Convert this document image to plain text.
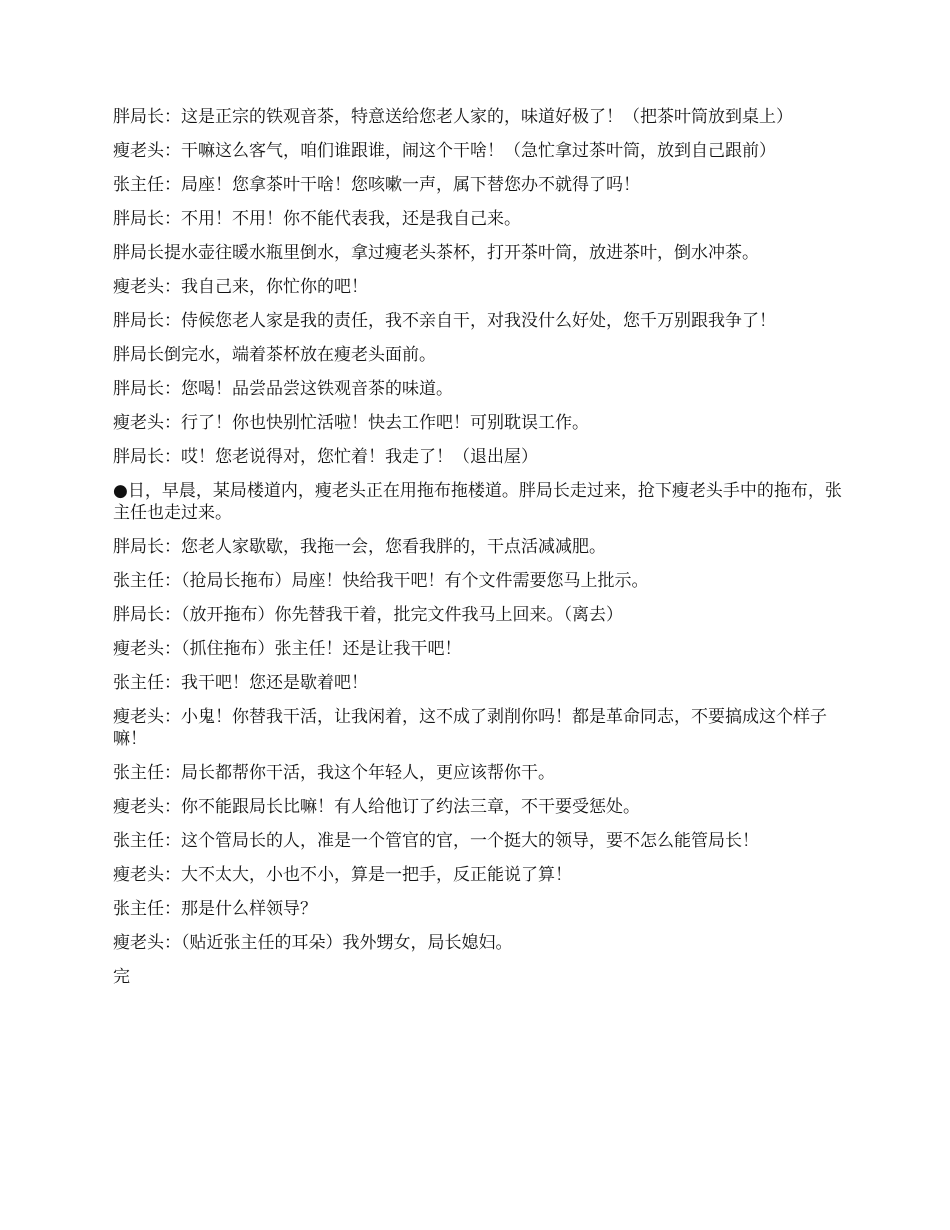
胖局长：这是正宗的铁观音茶，特意送给您老人家的，味道好极了！（把茶叶筒放到桌上）

瘦老头：干嘛这么客气，咱们谁跟谁，闹这个干啥！（急忙拿过茶叶筒，放到自己跟前）

张主任：局座！您拿茶叶干啥！您咳嗽一声，属下替您办不就得了吗！

胖局长：不用！不用！你不能代表我，还是我自己来。

胖局长提水壶往暖水瓶里倒水，拿过瘦老头茶杯，打开茶叶筒，放进茶叶，倒水冲茶。

瘦老头：我自己来，你忙你的吧！

胖局长：侍候您老人家是我的责任，我不亲自干，对我没什么好处，您千万别跟我争了！

胖局长倒完水，端着茶杯放在瘦老头面前。

胖局长：您喝！品尝品尝这铁观音茶的味道。

瘦老头：行了！你也快别忙活啦！快去工作吧！可别耽误工作。

胖局长：哎！您老说得对，您忙着！我走了！（退出屋）

●日，早晨，某局楼道内，瘦老头正在用拖布拖楼道。胖局长走过来，抢下瘦老头手中的拖布，张主任也走过来。

胖局长：您老人家歇歇，我拖一会，您看我胖的，干点活减减肥。

张主任：（抢局长拖布）局座！快给我干吧！有个文件需要您马上批示。

胖局长：（放开拖布）你先替我干着，批完文件我马上回来。（离去）

瘦老头：（抓住拖布）张主任！还是让我干吧！

张主任：我干吧！您还是歇着吧！

瘦老头：小鬼！你替我干活，让我闲着，这不成了剥削你吗！都是革命同志，不要搞成这个样子嘛！

张主任：局长都帮你干活，我这个年轻人，更应该帮你干。

瘦老头：你不能跟局长比嘛！有人给他订了约法三章，不干要受惩处。

张主任：这个管局长的人，准是一个管官的官，一个挺大的领导，要不怎么能管局长！

瘦老头：大不太大，小也不小，算是一把手，反正能说了算！

张主任：那是什么样领导？

瘦老头：（贴近张主任的耳朵）我外甥女，局长媳妇。

完
